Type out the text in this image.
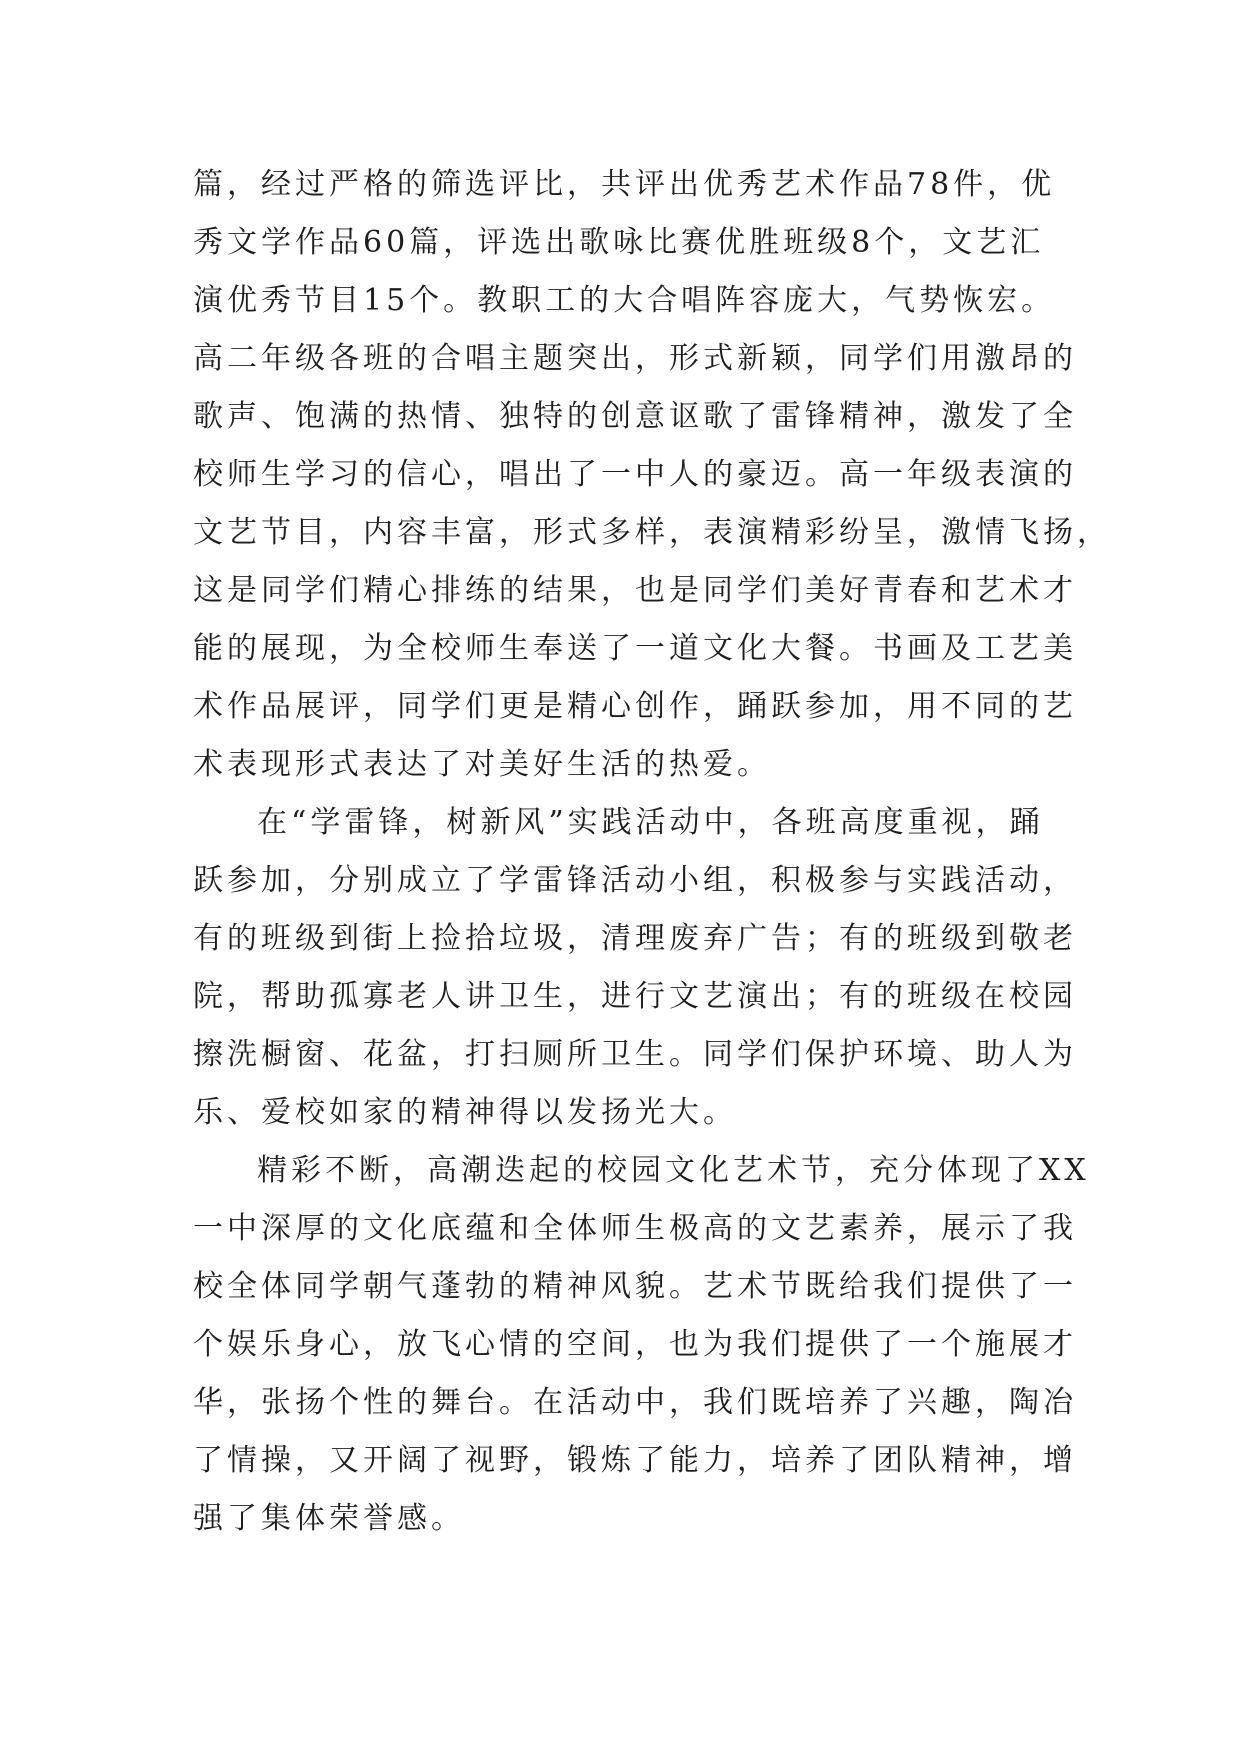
篇，经过严格的筛选评比，共评出优秀艺术作品78件，优
秀文学作品60篇，评选出歌咏比赛优胜班级8个，文艺汇
演优秀节目15个。教职工的大合唱阵容庞大，气势恢宏。
高二年级各班的合唱主题突出，形式新颖，同学们用激昂的
歌声、饱满的热情、独特的创意讴歌了雷锋精神，激发了全
校师生学习的信心，唱出了一中人的豪迈。高一年级表演的
文艺节目，内容丰富，形式多样，表演精彩纷呈，激情飞扬，
这是同学们精心排练的结果，也是同学们美好青春和艺术才
能的展现，为全校师生奉送了一道文化大餐。书画及工艺美
术作品展评，同学们更是精心创作，踊跃参加，用不同的艺
术表现形式表达了对美好生活的热爱。
在“学雷锋，树新风”实践活动中，各班高度重视，踊
跃参加，分别成立了学雷锋活动小组，积极参与实践活动，
有的班级到街上捡拾垃圾，清理废弃广告；有的班级到敬老
院，帮助孤寡老人讲卫生，进行文艺演出；有的班级在校园
擦洗橱窗、花盆，打扫厕所卫生。同学们保护环境、助人为
乐、爱校如家的精神得以发扬光大。
精彩不断，高潮迭起的校园文化艺术节，充分体现了XX
一中深厚的文化底蕴和全体师生极高的文艺素养，展示了我
校全体同学朝气蓬勃的精神风貌。艺术节既给我们提供了一
个娱乐身心，放飞心情的空间，也为我们提供了一个施展才
华，张扬个性的舞台。在活动中，我们既培养了兴趣，陶冶
了情操，又开阔了视野，锻炼了能力，培养了团队精神，增
强了集体荣誉感。
